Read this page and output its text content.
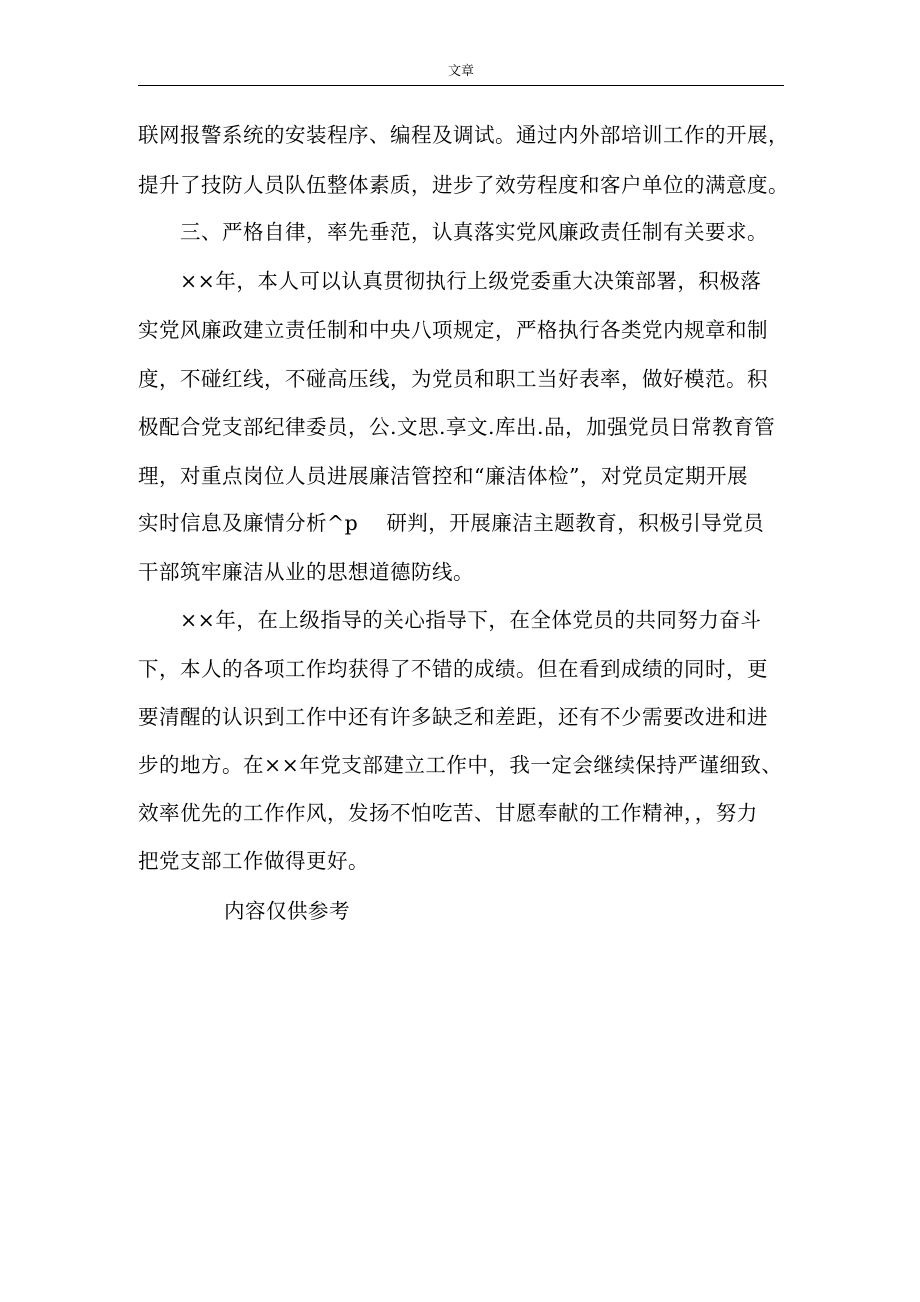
文章
联网报警系统的安装程序、编程及调试。通过内外部培训工作的开展，
提升了技防人员队伍整体素质，进步了效劳程度和客户单位的满意度。
三、严格自律，率先垂范，认真落实党风廉政责任制有关要求。
××年，本人可以认真贯彻执行上级党委重大决策部署，积极落
实党风廉政建立责任制和中央八项规定，严格执行各类党内规章和制
度，不碰红线，不碰高压线，为党员和职工当好表率，做好模范。积
极配合党支部纪律委员，公.文思.享文.库出.品，加强党员日常教育管
理，对重点岗位人员进展廉洁管控和“廉洁体检”，对党员定期开展
实时信息及廉情分析^p 研判，开展廉洁主题教育，积极引导党员
干部筑牢廉洁从业的思想道德防线。
××年，在上级指导的关心指导下，在全体党员的共同努力奋斗
下，本人的各项工作均获得了不错的成绩。但在看到成绩的同时，更
要清醒的认识到工作中还有许多缺乏和差距，还有不少需要改进和进
步的地方。在××年党支部建立工作中，我一定会继续保持严谨细致、
效率优先的工作作风，发扬不怕吃苦、甘愿奉献的工作精神，，努力
把党支部工作做得更好。
内容仅供参考
